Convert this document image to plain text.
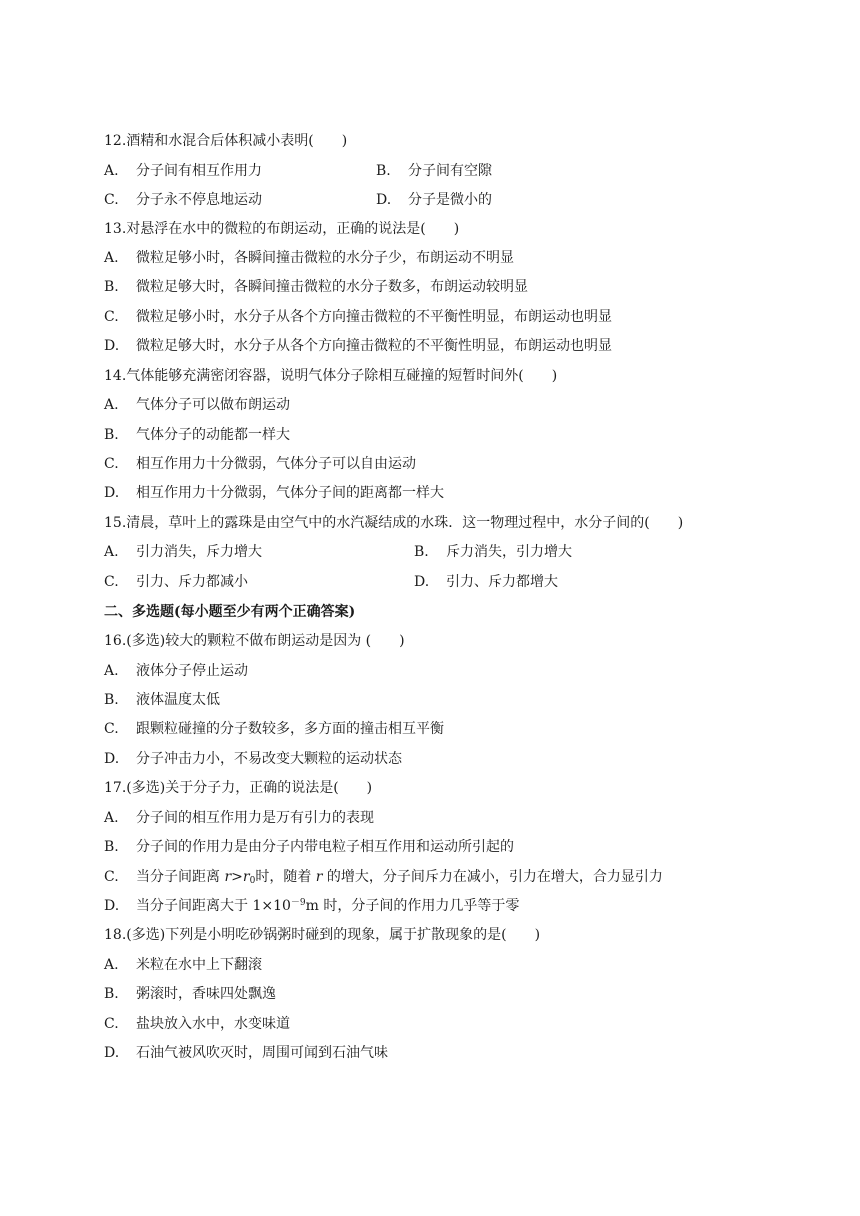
12.酒精和水混合后体积减小表明(　　)
A. 分子间有相互作用力	B. 分子间有空隙
C. 分子永不停息地运动	D. 分子是微小的
13.对悬浮在水中的微粒的布朗运动，正确的说法是(　　)
A. 微粒足够小时，各瞬间撞击微粒的水分子少，布朗运动不明显
B. 微粒足够大时，各瞬间撞击微粒的水分子数多，布朗运动较明显
C. 微粒足够小时，水分子从各个方向撞击微粒的不平衡性明显，布朗运动也明显
D. 微粒足够大时，水分子从各个方向撞击微粒的不平衡性明显，布朗运动也明显
14.气体能够充满密闭容器，说明气体分子除相互碰撞的短暂时间外(　　)
A. 气体分子可以做布朗运动
B. 气体分子的动能都一样大
C. 相互作用力十分微弱，气体分子可以自由运动
D. 相互作用力十分微弱，气体分子间的距离都一样大
15.清晨，草叶上的露珠是由空气中的水汽凝结成的水珠．这一物理过程中，水分子间的(　　)
A. 引力消失，斥力增大	B. 斥力消失，引力增大
C. 引力、斥力都减小	D. 引力、斥力都增大
二、多选题(每小题至少有两个正确答案)
16.(多选)较大的颗粒不做布朗运动是因为 (　　)
A. 液体分子停止运动
B. 液体温度太低
C. 跟颗粒碰撞的分子数较多，多方面的撞击相互平衡
D. 分子冲击力小，不易改变大颗粒的运动状态
17.(多选)关于分子力，正确的说法是(　　)
A. 分子间的相互作用力是万有引力的表现
B. 分子间的作用力是由分子内带电粒子相互作用和运动所引起的
C. 当分子间距离 $r>r_0$时，随着 r 的增大，分子间斥力在减小，引力在增大，合力显引力
D. 当分子间距离大于 $1\times 10^{-9}m$ 时，分子间的作用力几乎等于零
18.(多选)下列是小明吃砂锅粥时碰到的现象，属于扩散现象的是(　　)
A. 米粒在水中上下翻滚
B. 粥滚时，香味四处飘逸
C. 盐块放入水中，水变味道
D. 石油气被风吹灭时，周围可闻到石油气味
